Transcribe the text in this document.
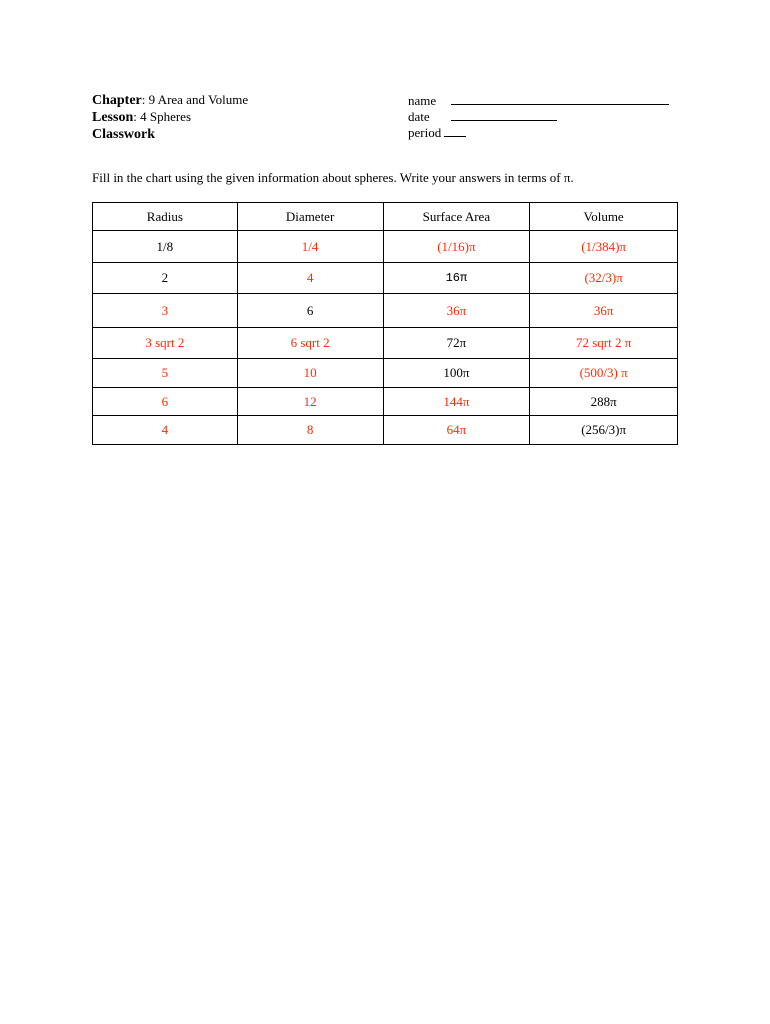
Chapter: 9 Area and Volume
Lesson: 4 Spheres
Classwork
name
date
period
Fill in the chart using the given information about spheres. Write your answers in terms of π.
Radius	Diameter	Surface Area	Volume
1/8	1/4	(1/16)π	(1/384)π
2	4	16π	(32/3)π
3	6	36π	36π
3 sqrt 2	6 sqrt 2	72π	72 sqrt 2 π
5	10	100π	(500/3) π
6	12	144π	288π
4	8	64π	(256/3)π
